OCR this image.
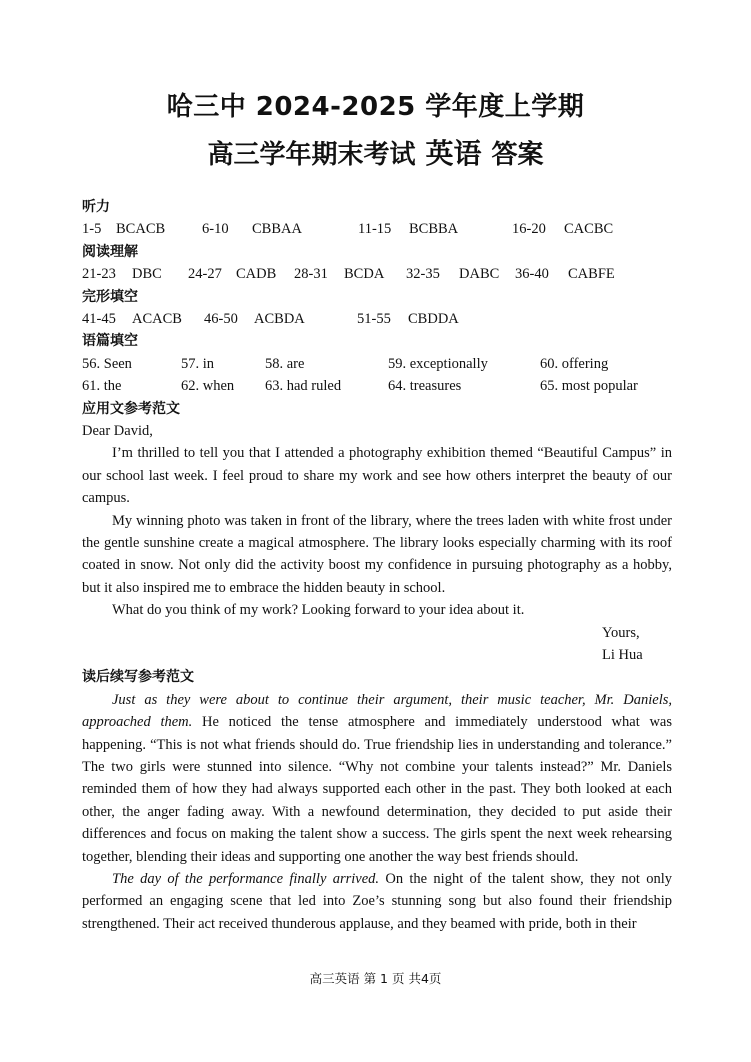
哈三中 2024-2025 学年度上学期
高三学年期末考试 英语 答案
听力
1-5	BCACB	6-10	CBBAA	11-15	BCBBA	16-20	CACBC
阅读理解
21-23	DBC	24-27 CADB	28-31	BCDA	32-35	DABC	36-40	CABFE
完形填空
41-45	ACACB	46-50	ACBDA	51-55	CBDDA
语篇填空
56. Seen	57. in	58. are	59. exceptionally	60. offering
61. the	62. when	63. had ruled	64. treasures	65. most popular
应用文参考范文

Dear David,

I’m thrilled to tell you that I attended a photography exhibition themed “Beautiful Campus” in our school last week. I feel proud to share my work and see how others interpret the beauty of our campus.

My winning photo was taken in front of the library, where the trees laden with white frost under the gentle sunshine create a magical atmosphere. The library looks especially charming with its roof coated in snow. Not only did the activity boost my confidence in pursuing photography as a hobby, but it also inspired me to embrace the hidden beauty in school.

What do you think of my work? Looking forward to your idea about it.

Yours,

Li Hua

读后续写参考范文

Just as they were about to continue their argument, their music teacher, Mr. Daniels, approached them. He noticed the tense atmosphere and immediately understood what was happening. “This is not what friends should do. True friendship lies in understanding and tolerance.” The two girls were stunned into silence. “Why not combine your talents instead?” Mr. Daniels reminded them of how they had always supported each other in the past. They both looked at each other, the anger fading away. With a newfound determination, they decided to put aside their differences and focus on making the talent show a success. The girls spent the next week rehearsing together, blending their ideas and supporting one another the way best friends should.

The day of the performance finally arrived. On the night of the talent show, they not only performed an engaging scene that led into Zoe’s stunning song but also found their friendship strengthened. Their act received thunderous applause, and they beamed with pride, both in their

高三英语 第 1 页 共4页
